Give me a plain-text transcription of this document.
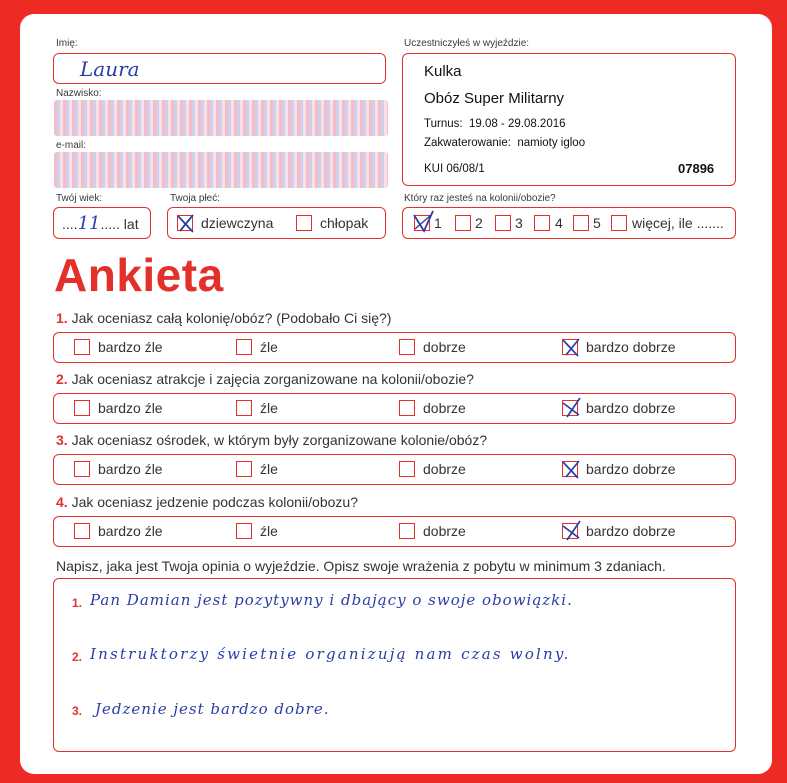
Imię:
Laura
Nazwisko:
e-mail:
Twój wiek:
....11..... lat
Twoja płeć:
dziewczyna	chłopak
Uczestniczyłeś w wyjeździe:
Kulka
Obóz Super Militarny
Turnus: 19.08 - 29.08.2016
Zakwaterowanie: namioty igloo
KUI 06/08/1	07896
Który raz jesteś na kolonii/obozie?
1 2 3 4 5 więcej, ile .......
Ankieta
1. Jak oceniasz całą kolonię/obóz? (Podobało Ci się?)
bardzo źle	źle	dobrze	bardzo dobrze
2. Jak oceniasz atrakcje i zajęcia zorganizowane na kolonii/obozie?
bardzo źle	źle	dobrze	bardzo dobrze
3. Jak oceniasz ośrodek, w którym były zorganizowane kolonie/obóz?
bardzo źle	źle	dobrze	bardzo dobrze
4. Jak oceniasz jedzenie podczas kolonii/obozu?
bardzo źle	źle	dobrze	bardzo dobrze
Napisz, jaka jest Twoja opinia o wyjeździe. Opisz swoje wrażenia z pobytu w minimum 3 zdaniach.
1. Pan Damian jest pozytywny i dbający o swoje obowiązki.
2. Instruktorzy świetnie organizują nam czas wolny.
3. Jedzenie jest bardzo dobre.
